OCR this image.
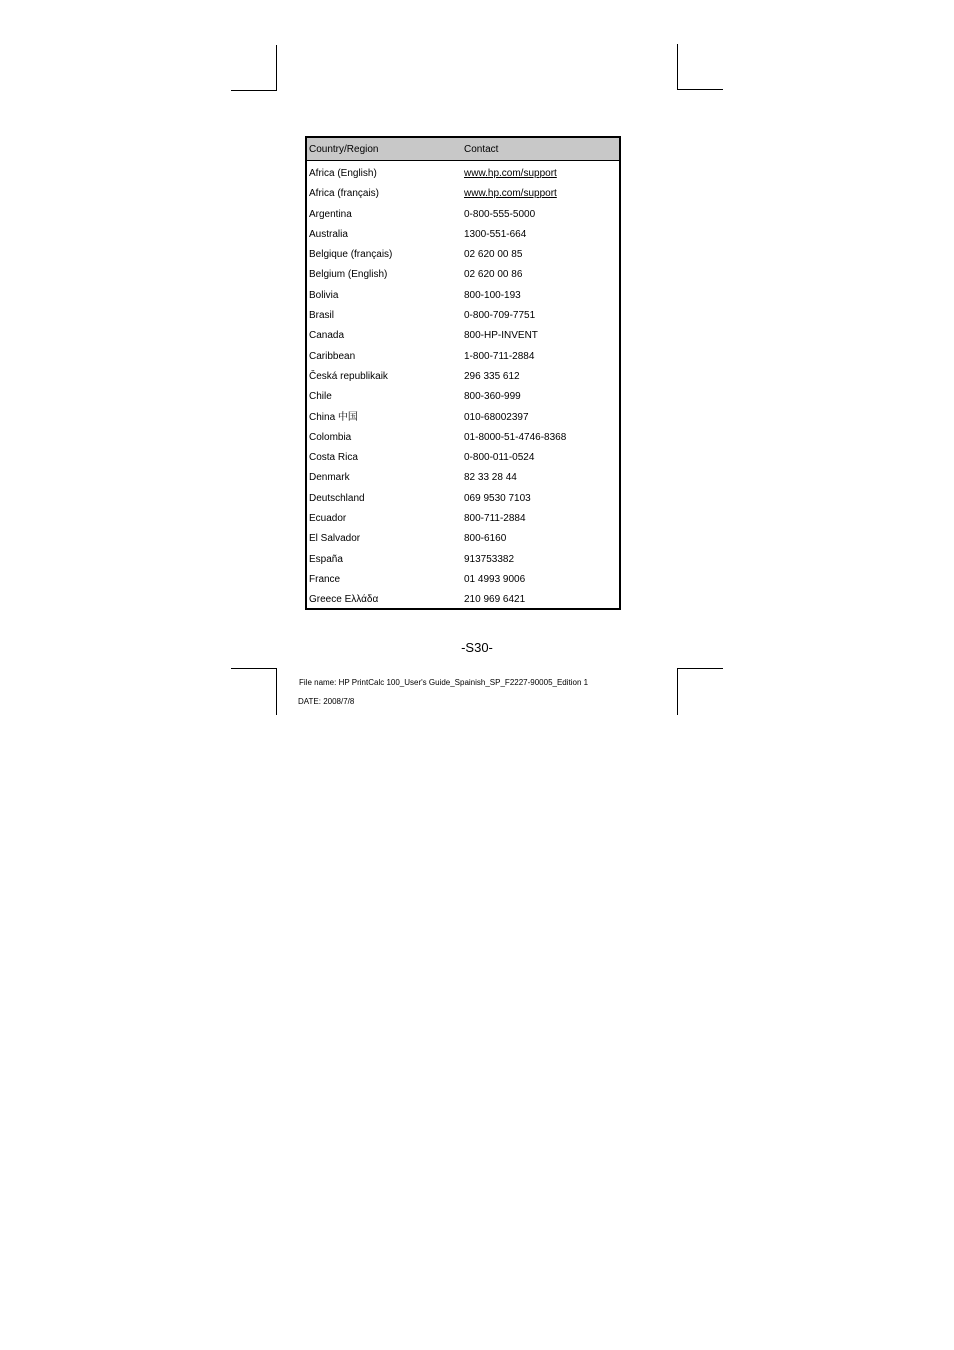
Country/Region	Contact
Africa (English)	www.hp.com/support
Africa (français)	www.hp.com/support
Argentina	0-800-555-5000
Australia	1300-551-664
Belgique (français)	02 620 00 85
Belgium (English)	02 620 00 86
Bolivia	800-100-193
Brasil	0-800-709-7751
Canada	800-HP-INVENT
Caribbean	1-800-711-2884
Česká republikaik	296 335 612
Chile	800-360-999
China 中国	010-68002397
Colombia	01-8000-51-4746-8368
Costa Rica	0-800-011-0524
Denmark	82 33 28 44
Deutschland	069 9530 7103
Ecuador	800-711-2884
El Salvador	800-6160
España	913753382
France	01 4993 9006
Greece Ελλάδα	210 969 6421
-S30-
File name: HP PrintCalc 100_User's Guide_Spainish_SP_F2227-90005_Edition 1
DATE: 2008/7/8
